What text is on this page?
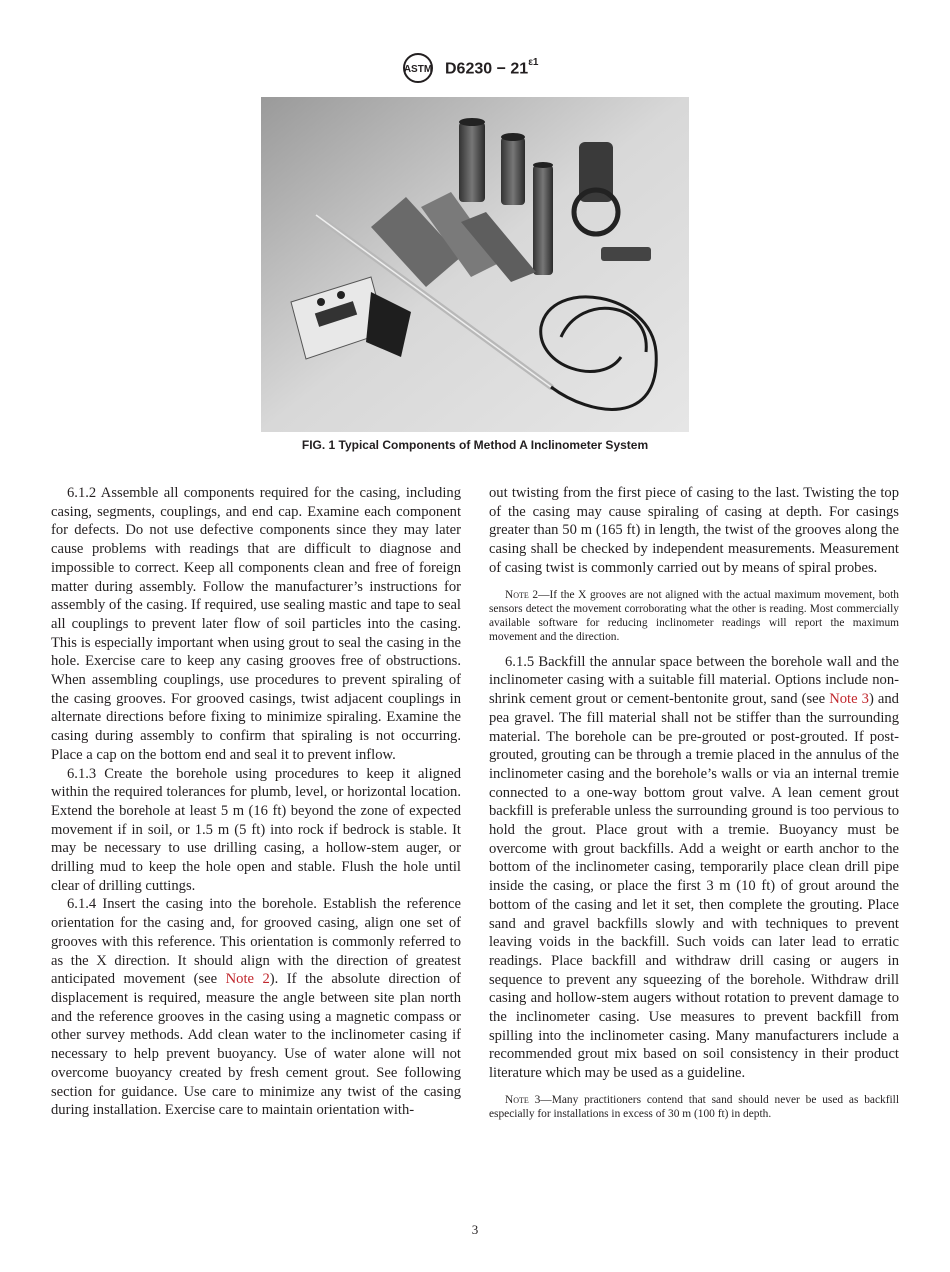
ASTM $D6230 - 21^{\varepsilon 1}$
FIG. 1 Typical Components of Method A Inclinometer System

6.1.2 Assemble all components required for the casing, including casing, segments, couplings, and end cap. Examine each component for defects. Do not use defective components since they may later cause problems with readings that are difficult to diagnose and impossible to correct. Keep all components clean and free of foreign matter during assembly. Follow the manufacturer’s instructions for assembly of the casing. If required, use sealing mastic and tape to seal all couplings to prevent later flow of soil particles into the casing. This is especially important when using grout to seal the casing in the hole. Exercise care to keep any casing grooves free of obstructions. When assembling couplings, use procedures to prevent spiraling of the casing grooves. For grooved casings, twist adjacent couplings in alternate directions before fixing to minimize spiraling. Examine the casing during assembly to confirm that spiraling is not occurring. Place a cap on the bottom end and seal it to prevent inflow.

6.1.3 Create the borehole using procedures to keep it aligned within the required tolerances for plumb, level, or horizontal location. Extend the borehole at least 5 m (16 ft) beyond the zone of expected movement if in soil, or 1.5 m (5 ft) into rock if bedrock is stable. It may be necessary to use drilling casing, a hollow-stem auger, or drilling mud to keep the hole open and stable. Flush the hole until clear of drilling cuttings.

6.1.4 Insert the casing into the borehole. Establish the reference orientation for the casing and, for grooved casing, align one set of grooves with this reference. This orientation is commonly referred to as the X direction. It should align with the direction of greatest anticipated movement (see Note 2). If the absolute direction of displacement is required, measure the angle between site plan north and the reference grooves in the casing using a magnetic compass or other survey methods. Add clean water to the inclinometer casing if necessary to help prevent buoyancy. Use of water alone will not overcome buoyancy created by fresh cement grout. See following section for guidance. Use care to minimize any twist of the casing during installation. Exercise care to maintain orientation with-

out twisting from the first piece of casing to the last. Twisting the top of the casing may cause spiraling of casing at depth. For casings greater than 50 m (165 ft) in length, the twist of the grooves along the casing shall be checked by independent measurements. Measurement of casing twist is commonly carried out by means of spiral probes.

Note 2—If the X grooves are not aligned with the actual maximum movement, both sensors detect the movement corroborating what the other is reading. Most commercially available software for reducing inclinometer readings will report the maximum movement and the direction.

6.1.5 Backfill the annular space between the borehole wall and the inclinometer casing with a suitable fill material. Options include non-shrink cement grout or cement-bentonite grout, sand (see Note 3) and pea gravel. The fill material shall not be stiffer than the surrounding material. The borehole can be pre-grouted or post-grouted. If post-grouted, grouting can be through a tremie placed in the annulus of the inclinometer casing and the borehole’s walls or via an internal tremie connected to a one-way bottom grout valve. A lean cement grout backfill is preferable unless the surrounding ground is too pervious to hold the grout. Place grout with a tremie. Buoyancy must be overcome with grout backfills. Add a weight or earth anchor to the bottom of the inclinometer casing, temporarily place clean drill pipe inside the casing, or place the first 3 m (10 ft) of grout around the bottom of the casing and let it set, then complete the grouting. Place sand and gravel backfills slowly and with techniques to prevent leaving voids in the backfill. Such voids can later lead to erratic readings. Place backfill and withdraw drill casing or augers in sequence to prevent any squeezing of the borehole. Withdraw drill casing and hollow-stem augers without rotation to prevent damage to the inclinometer casing. Use measures to prevent backfill from spilling into the inclinometer casing. Many manufacturers include a recommended grout mix based on soil consistency in their product literature which may be used as a guideline.

Note 3—Many practitioners contend that sand should never be used as backfill especially for installations in excess of 30 m (100 ft) in depth.

3
